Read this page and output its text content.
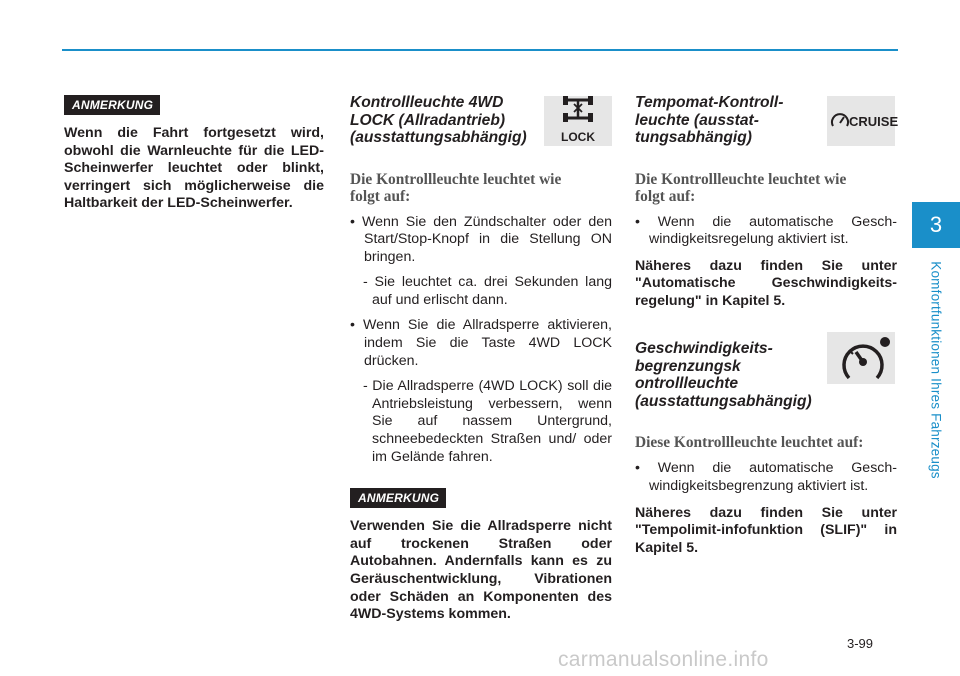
3
Komfortfunktionen Ihres Fahrzeugs
ANMERKUNG

Wenn die Fahrt fortgesetzt wird, obwohl die Warnleuchte für die LED-Scheinwerfer leuchtet oder blinkt, verringert sich möglicherweise die Haltbarkeit der LED-Scheinwerfer.

Kontrollleuchte 4WD
LOCK (Allradantrieb)
(ausstattungsabhängig)
Die Kontrollleuchte leuchtet wie
folgt auf:

• Wenn Sie den Zündschalter oder den Start/Stop-Knopf in die Stellung ON bringen.

- Sie leuchtet ca. drei Sekunden lang auf und erlischt dann.

• Wenn Sie die Allradsperre aktivieren, indem Sie die Taste 4WD LOCK drücken.

- Die Allradsperre (4WD LOCK) soll die Antriebsleistung verbessern, wenn Sie auf nassem Untergrund, schneebedeckten Straßen und/ oder im Gelände fahren.

ANMERKUNG

Verwenden Sie die Allradsperre nicht auf trockenen Straßen oder Autobahnen. Andernfalls kann es zu Geräuschentwicklung, Vibrationen oder Schäden an Komponenten des 4WD-Systems kommen.

LOCK
Tempomat-Kontroll-
leuchte (ausstat-
tungsabhängig)
Die Kontrollleuchte leuchtet wie
folgt auf:

• Wenn die automatische Gesch- windigkeitsregelung aktiviert ist.

Näheres dazu finden Sie unter "Automatische Geschwindigkeits- regelung" in Kapitel 5.

Geschwindigkeits-
begrenzungsk
ontrollleuchte
(ausstattungsabhängig)
Diese Kontrollleuchte leuchtet auf:

• Wenn die automatische Gesch- windigkeitsbegrenzung aktiviert ist.

Näheres dazu finden Sie unter "Tempolimit-infofunktion (SLIF)" in Kapitel 5.

CRUISE
3-99
carmanualsonline.info
